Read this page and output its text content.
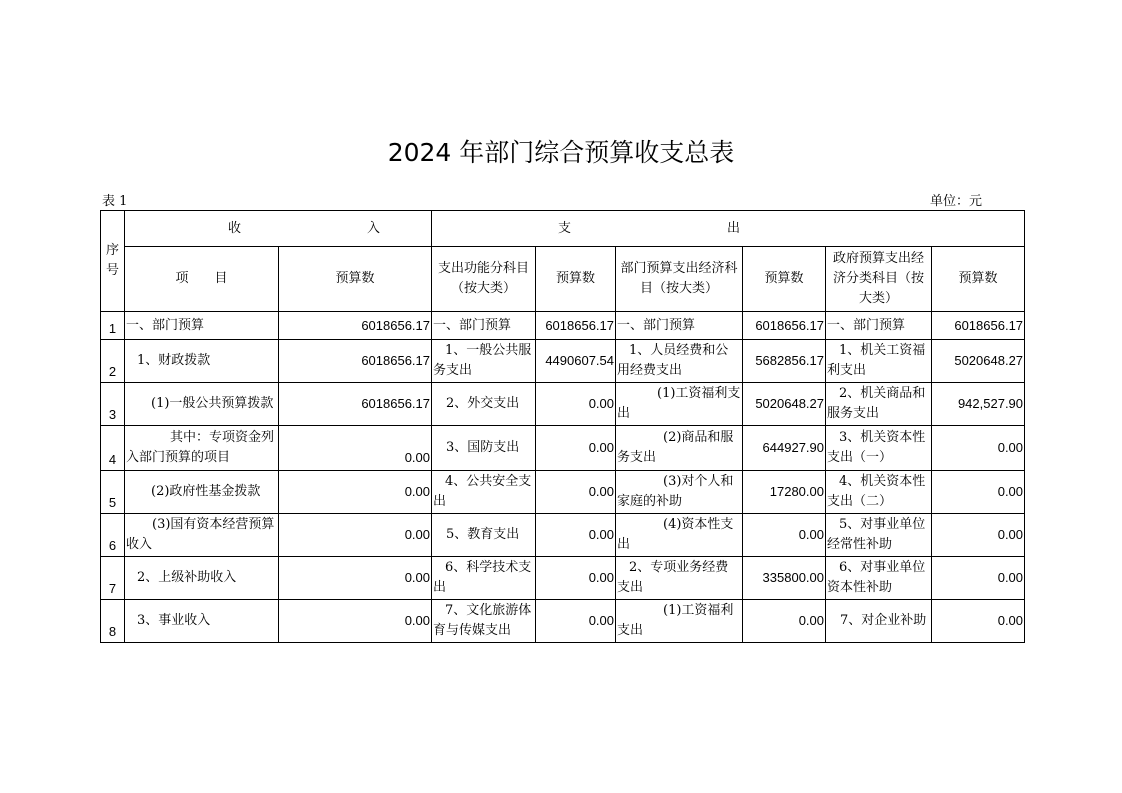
2024 年部门综合预算收支总表
表 1	单位：元
序号	收 入		支 出					
	项　　目	预算数	支出功能分科目（按大类）	预算数	部门预算支出经济科目（按大类）	预算数	政府预算支出经济分类科目（按大类）	预算数
1	一、部门预算	6018656.17	一、部门预算	6018656.17	一、部门预算	6018656.17	一、部门预算	6018656.17
2	1、财政拨款	6018656.17	1、一般公共服务支出	4490607.54	1、人员经费和公用经费支出	5682856.17	1、机关工资福利支出	5020648.27
3	(1)一般公共预算拨款	6018656.17	2、外交支出	0.00	(1)工资福利支出	5020648.27	2、机关商品和服务支出	942,527.90
4	其中：专项资金列入部门预算的项目	0.00	3、国防支出	0.00	(2)商品和服务支出	644927.90	3、机关资本性支出（一）	0.00
5	(2)政府性基金拨款	0.00	4、公共安全支出	0.00	(3)对个人和家庭的补助	17280.00	4、机关资本性支出（二）	0.00
6	(3)国有资本经营预算收入	0.00	5、教育支出	0.00	(4)资本性支出	0.00	5、对事业单位经常性补助	0.00
7	2、上级补助收入	0.00	6、科学技术支出	0.00	2、专项业务经费支出	335800.00	6、对事业单位资本性补助	0.00
8	3、事业收入	0.00	7、文化旅游体育与传媒支出	0.00	(1)工资福利支出	0.00	7、对企业补助	0.00
